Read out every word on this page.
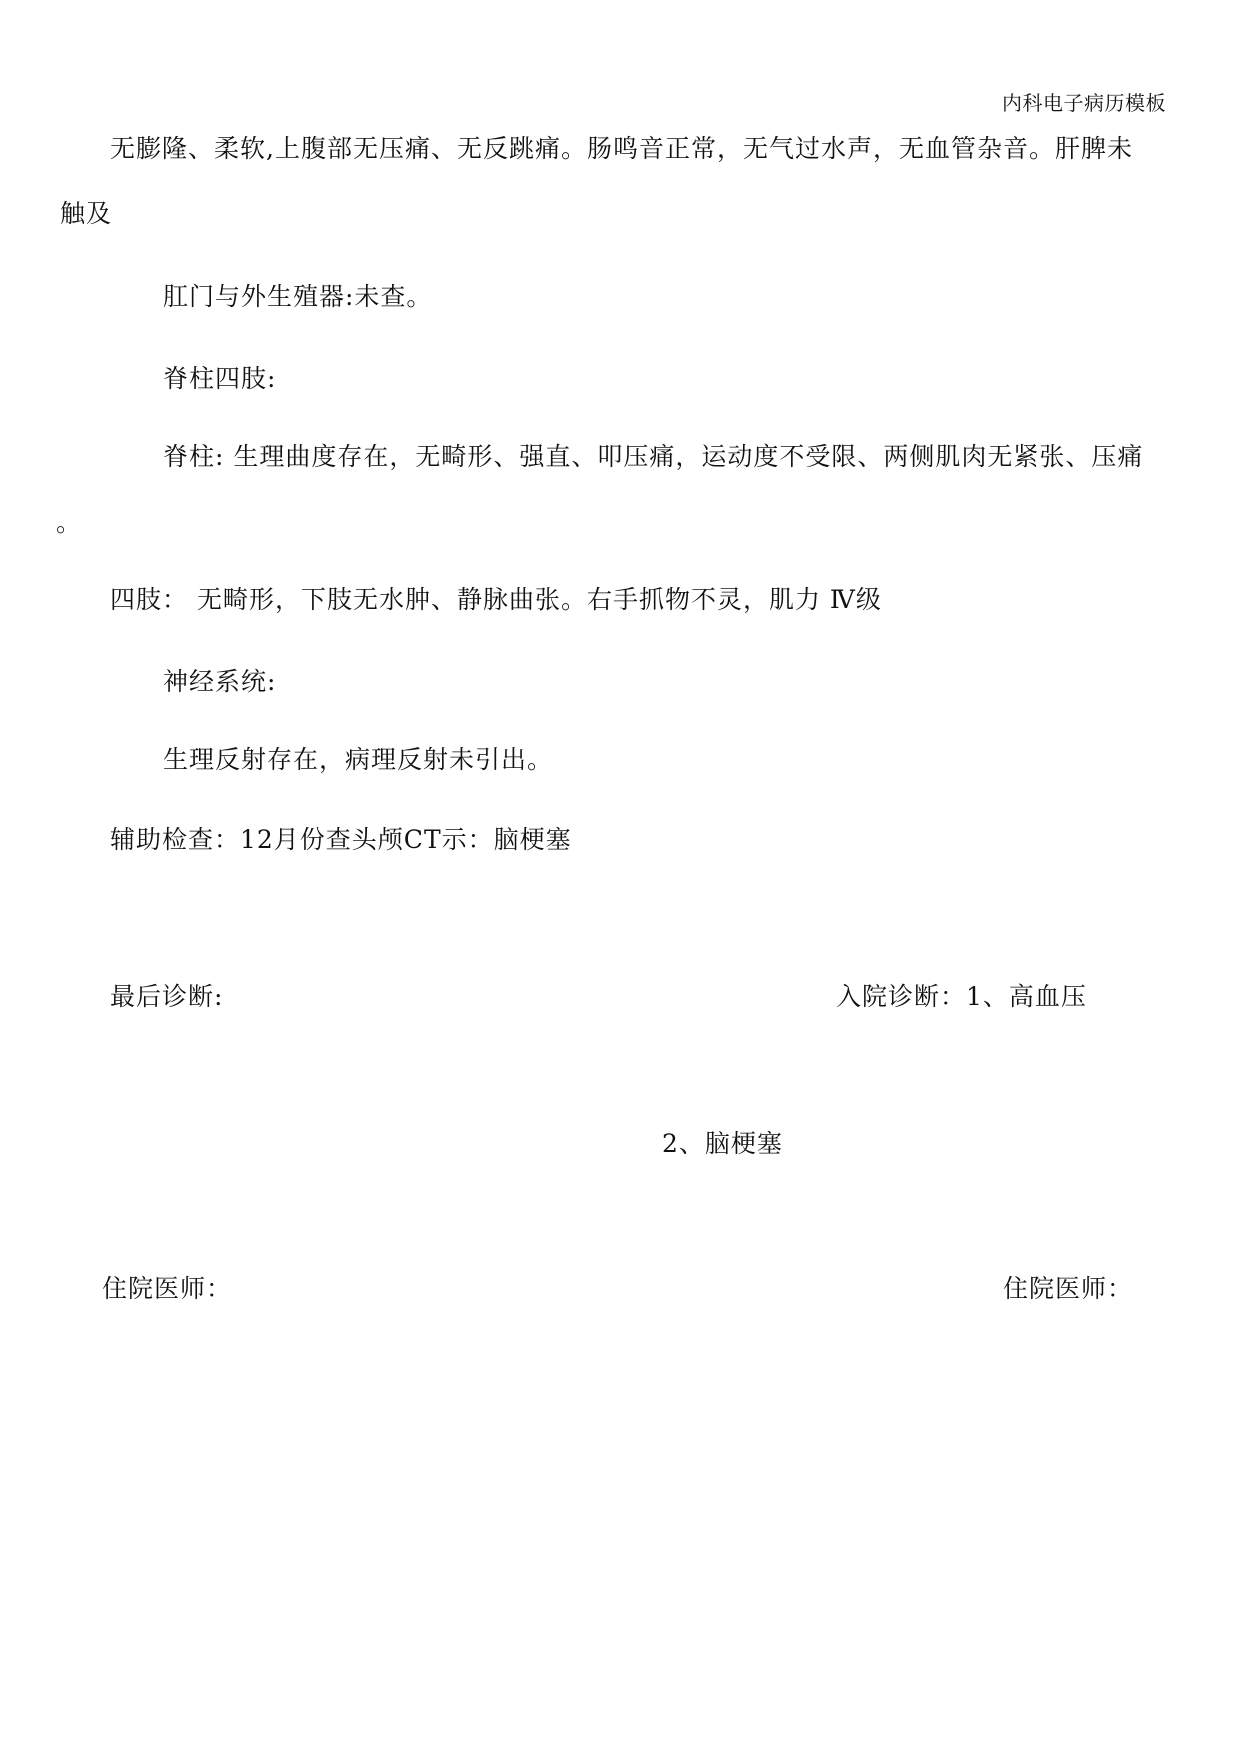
内科电子病历模板
无膨隆、柔软,上腹部无压痛、无反跳痛。肠鸣音正常，无气过水声，无血管杂音。肝脾未
触及
肛门与外生殖器:未查。
脊柱四肢:
脊柱: 生理曲度存在，无畸形、强直、叩压痛，运动度不受限、两侧肌肉无紧张、压痛
。
四肢： 无畸形，下肢无水肿、静脉曲张。右手抓物不灵，肌力 Ⅳ级
神经系统:
生理反射存在，病理反射未引出。
辅助检查：12月份查头颅CT示：脑梗塞
最后诊断:	入院诊断：1、高血压
2、脑梗塞
住院医师：	住院医师：
